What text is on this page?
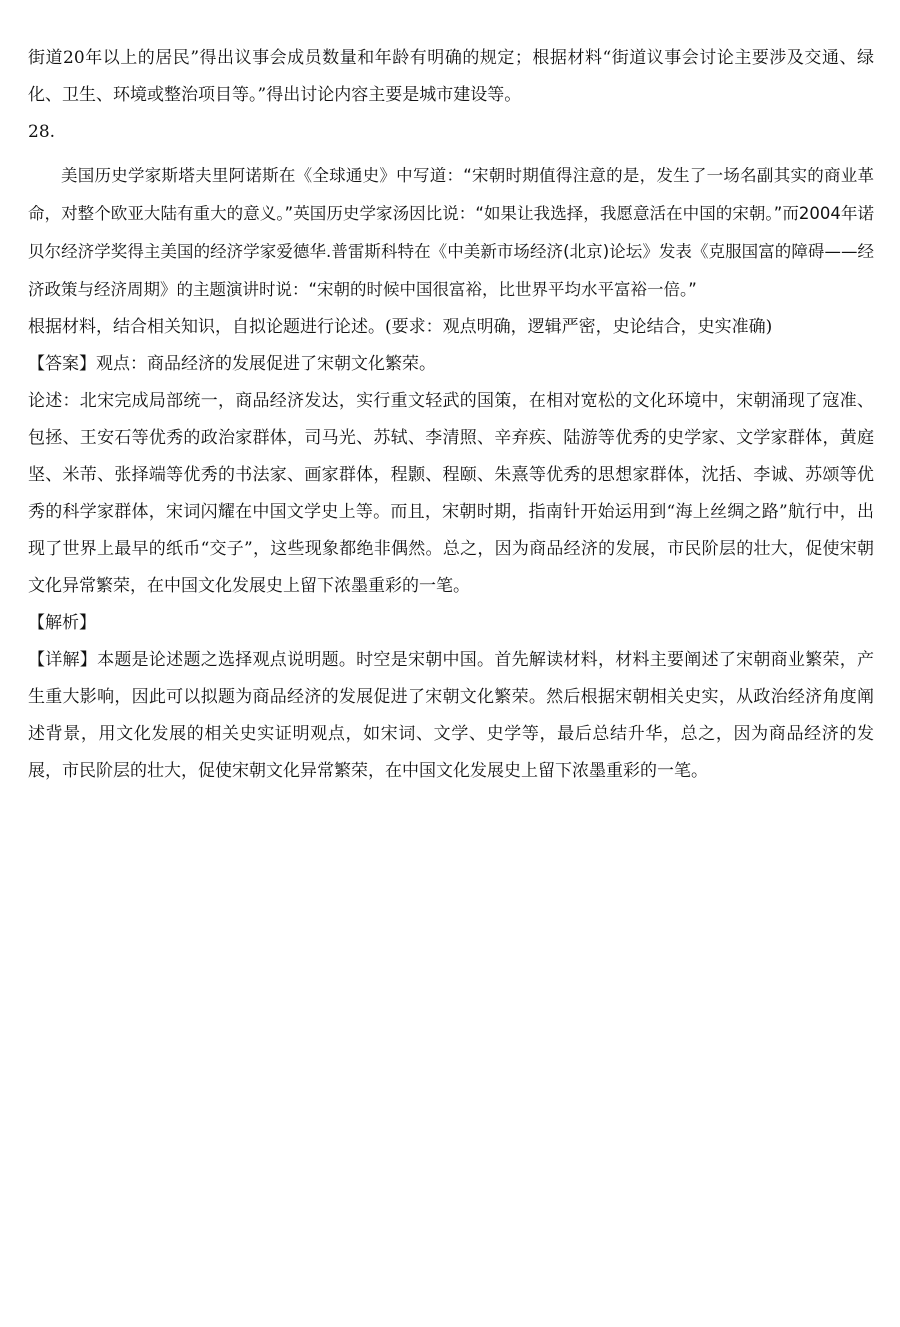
街道20年以上的居民”得出议事会成员数量和年龄有明确的规定；根据材料“街道议事会讨论主要涉及交通、绿化、卫生、环境或整治项目等。”得出讨论内容主要是城市建设等。

28.

美国历史学家斯塔夫里阿诺斯在《全球通史》中写道：“宋朝时期值得注意的是，发生了一场名副其实的商业革命，对整个欧亚大陆有重大的意义。”英国历史学家汤因比说：“如果让我选择，我愿意活在中国的宋朝。”而2004年诺贝尔经济学奖得主美国的经济学家爱德华.普雷斯科特在《中美新市场经济(北京)论坛》发表《克服国富的障碍——经济政策与经济周期》的主题演讲时说：“宋朝的时候中国很富裕，比世界平均水平富裕一倍。”

根据材料，结合相关知识，自拟论题进行论述。(要求：观点明确，逻辑严密，史论结合，史实准确)

【答案】观点：商品经济的发展促进了宋朝文化繁荣。

论述：北宋完成局部统一，商品经济发达，实行重文轻武的国策，在相对宽松的文化环境中，宋朝涌现了寇准、包拯、王安石等优秀的政治家群体，司马光、苏轼、李清照、辛弃疾、陆游等优秀的史学家、文学家群体，黄庭坚、米芾、张择端等优秀的书法家、画家群体，程颢、程颐、朱熹等优秀的思想家群体，沈括、李诚、苏颂等优秀的科学家群体，宋词闪耀在中国文学史上等。而且，宋朝时期，指南针开始运用到“海上丝绸之路”航行中，出现了世界上最早的纸币“交子”，这些现象都绝非偶然。总之，因为商品经济的发展，市民阶层的壮大，促使宋朝文化异常繁荣，在中国文化发展史上留下浓墨重彩的一笔。

【解析】

【详解】本题是论述题之选择观点说明题。时空是宋朝中国。首先解读材料，材料主要阐述了宋朝商业繁荣，产生重大影响，因此可以拟题为商品经济的发展促进了宋朝文化繁荣。然后根据宋朝相关史实，从政治经济角度阐述背景，用文化发展的相关史实证明观点，如宋词、文学、史学等，最后总结升华，总之，因为商品经济的发展，市民阶层的壮大，促使宋朝文化异常繁荣，在中国文化发展史上留下浓墨重彩的一笔。
